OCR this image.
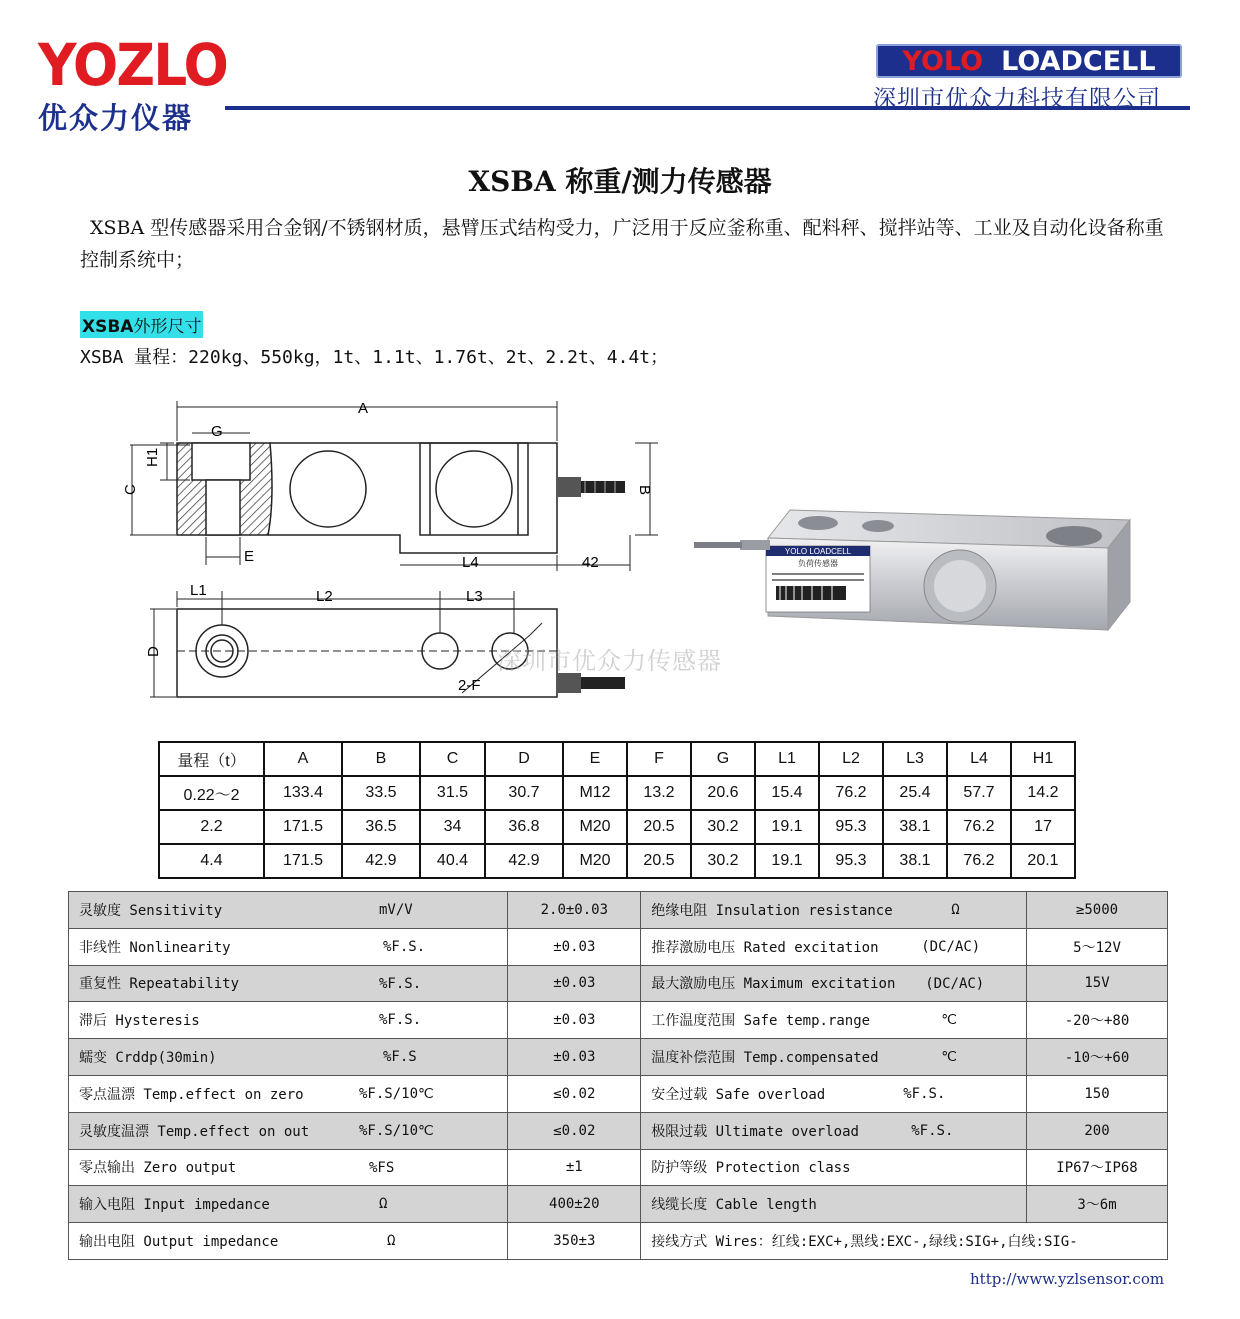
YOZLO
优众力仪器
YOLO LOADCELL
深圳市优众力科技有限公司
XSBA 称重/测力传感器
XSBA 型传感器采用合金钢/不锈钢材质，悬臂压式结构受力，广泛用于反应釜称重、配料秤、搅拌站等、工业及自动化设备称重控制系统中；
XSBA外形尺寸
XSBA 量程：220kg、550kg，1t、1.1t、1.76t、2t、2.2t、4.4t；
A
G
H1
C
E	L4	42
B
L1	L2	L3
D
2-F
YOLO LOADCELL
负荷传感器
深圳市优众力传感器
量程（t）	A	B	C	D	E	F	G	L1	L2	L3	L4	H1
0.22～2	133.4	33.5	31.5	30.7	M12	13.2	20.6	15.4	76.2	25.4	57.7	14.2
2.2	171.5	36.5	34	36.8	M20	20.5	30.2	19.1	95.3	38.1	76.2	17
4.4	171.5	42.9	40.4	42.9	M20	20.5	30.2	19.1	95.3	38.1	76.2	20.1
灵敏度 Sensitivity mV/V	2.0±0.03	绝缘电阻 Insulation resistance Ω	≥5000
非线性 Nonlinearity %F.S.	±0.03	推荐激励电压 Rated excitation (DC/AC)	5～12V
重复性 Repeatability %F.S.	±0.03	最大激励电压 Maximum excitation (DC/AC)	15V
滞后 Hysteresis %F.S.	±0.03	工作温度范围 Safe temp.range ℃	-20～+80
蠕变 Crddp(30min) %F.S	±0.03	温度补偿范围 Temp.compensated ℃	-10～+60
零点温漂 Temp.effect on zero %F.S/10℃	≤0.02	安全过载 Safe overload %F.S.	150
灵敏度温漂 Temp.effect on out %F.S/10℃	≤0.02	极限过载 Ultimate overload %F.S.	200
零点输出 Zero output %FS	±1	防护等级 Protection class	IP67～IP68
输入电阻 Input impedance Ω	400±20	线缆长度 Cable length	3～6m
输出电阻 Output impedance Ω	350±3	接线方式 Wires：红线:EXC+,黑线:EXC-,绿线:SIG+,白线:SIG-	
http://www.yzlsensor.com
